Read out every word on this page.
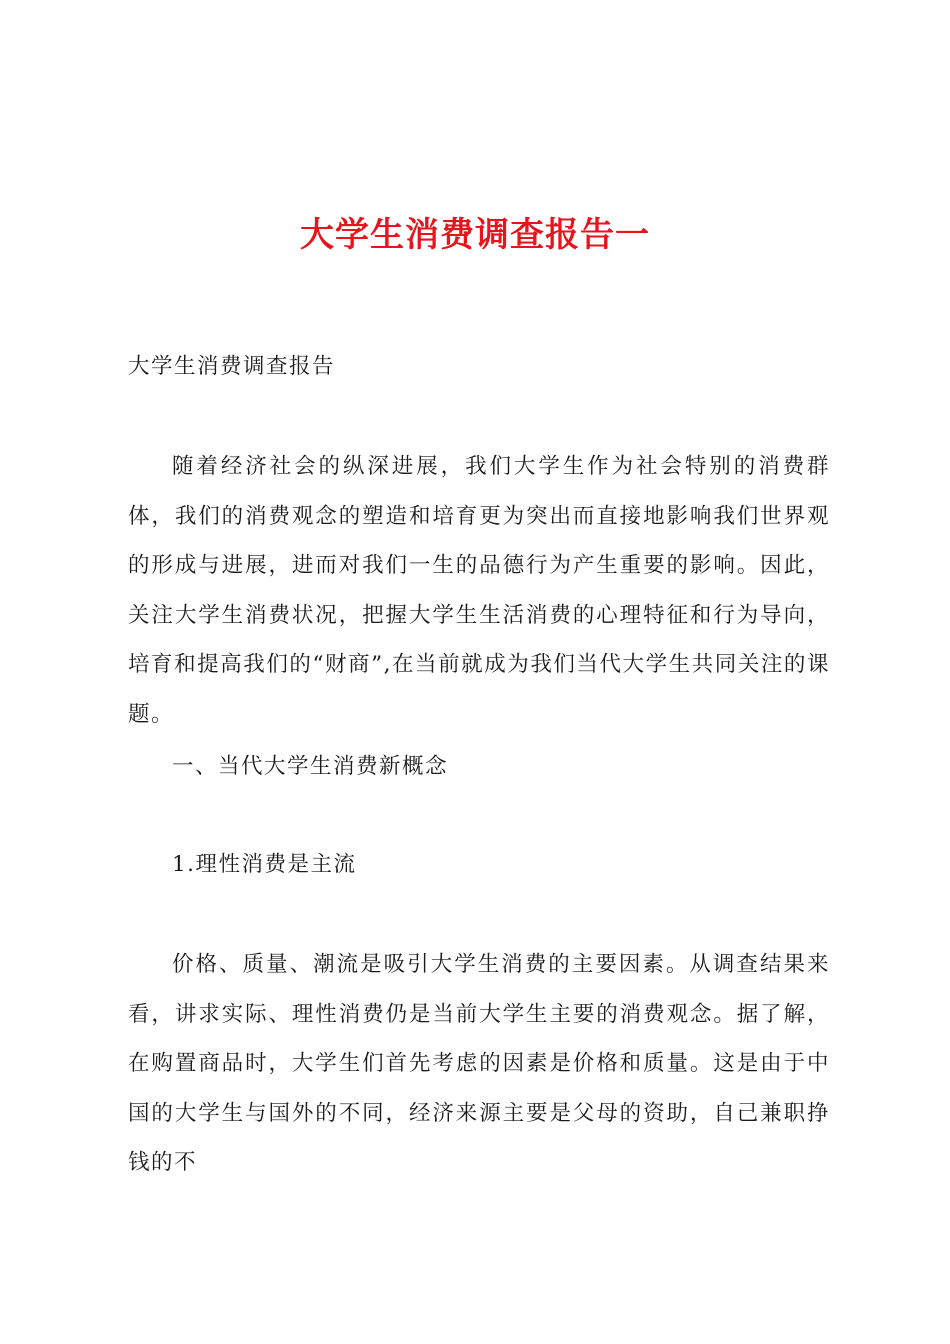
大学生消费调查报告一

大学生消费调查报告

随着经济社会的纵深进展，我们大学生作为社会特别的消费群体，我们的消费观念的塑造和培育更为突出而直接地影响我们世界观的形成与进展，进而对我们一生的品德行为产生重要的影响。因此，关注大学生消费状况，把握大学生生活消费的心理特征和行为导向，培育和提高我们的“财商”,在当前就成为我们当代大学生共同关注的课题。

一、当代大学生消费新概念

1.理性消费是主流

价格、质量、潮流是吸引大学生消费的主要因素。从调查结果来看，讲求实际、理性消费仍是当前大学生主要的消费观念。据了解，在购置商品时，大学生们首先考虑的因素是价格和质量。这是由于中国的大学生与国外的不同，经济来源主要是父母的资助，自己兼职挣钱的不
